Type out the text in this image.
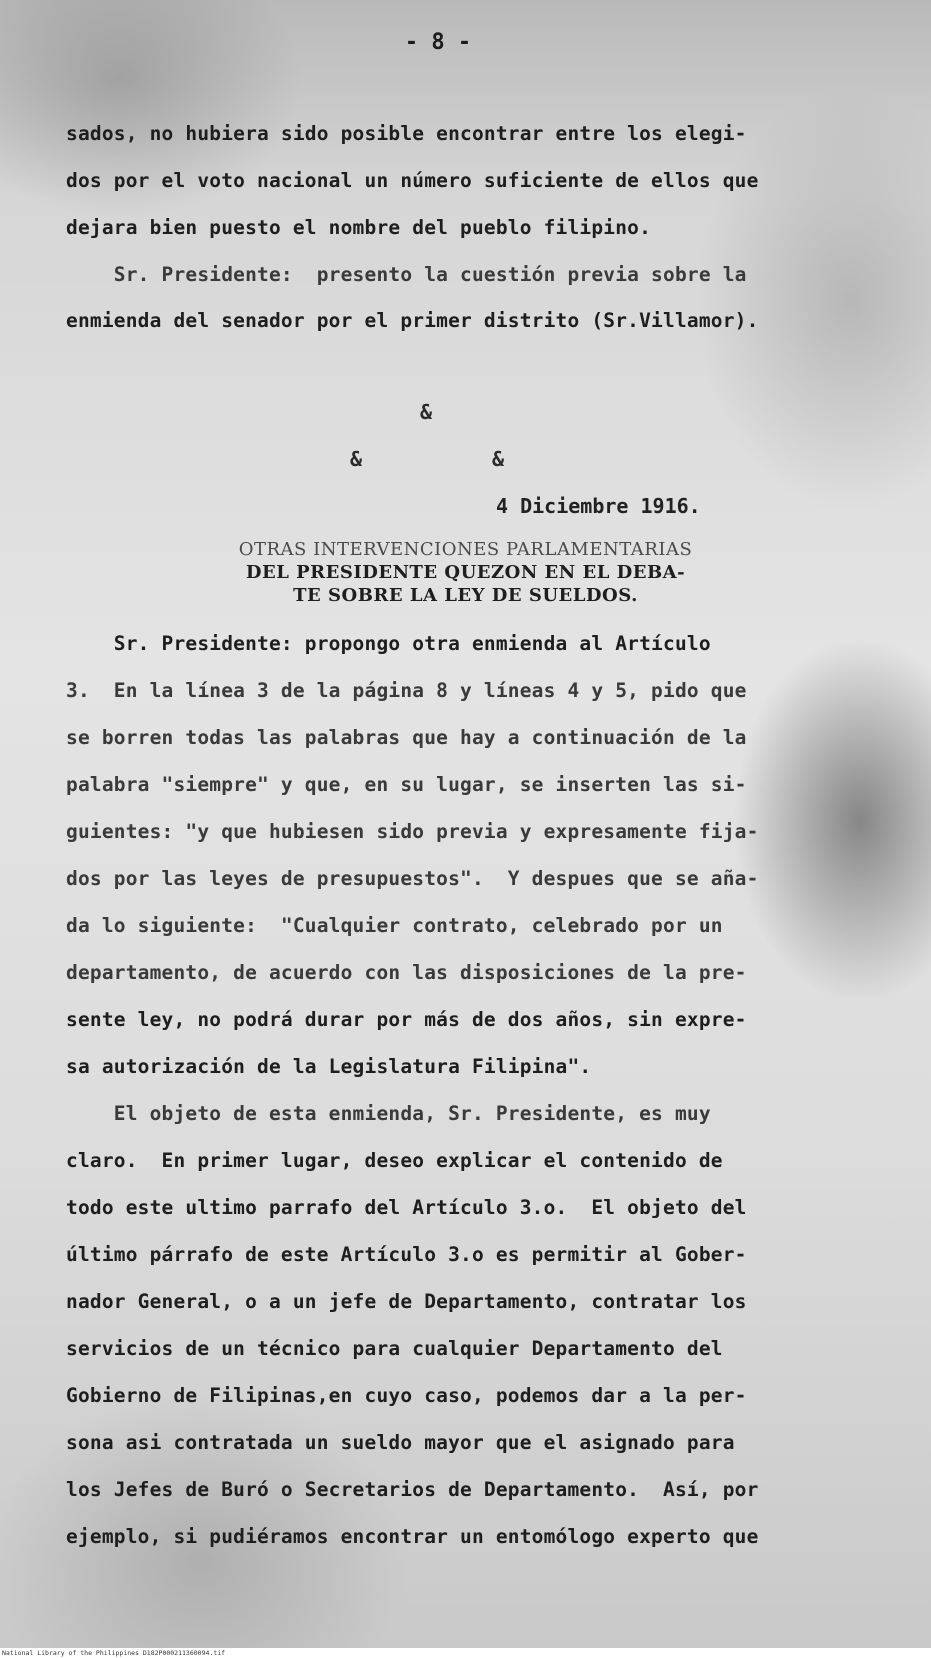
- 8 -
sados, no hubiera sido posible encontrar entre los elegi-
dos por el voto nacional un número suficiente de ellos que
dejara bien puesto el nombre del pueblo filipino.
Sr. Presidente:  presento la cuestión previa sobre la
enmienda del senador por el primer distrito (Sr.Villamor).
&
&	&
4 Diciembre 1916.
OTRAS INTERVENCIONES PARLAMENTARIAS
DEL PRESIDENTE QUEZON EN EL DEBA-
TE SOBRE LA LEY DE SUELDOS.
Sr. Presidente: propongo otra enmienda al Artículo
3.  En la línea 3 de la página 8 y líneas 4 y 5, pido que
se borren todas las palabras que hay a continuación de la
palabra "siempre" y que, en su lugar, se inserten las si-
guientes: "y que hubiesen sido previa y expresamente fija-
dos por las leyes de presupuestos".  Y despues que se aña-
da lo siguiente:  "Cualquier contrato, celebrado por un
departamento, de acuerdo con las disposiciones de la pre-
sente ley, no podrá durar por más de dos años, sin expre-
sa autorización de la Legislatura Filipina".
El objeto de esta enmienda, Sr. Presidente, es muy
claro.  En primer lugar, deseo explicar el contenido de
todo este ultimo parrafo del Artículo 3.o.  El objeto del
último párrafo de este Artículo 3.o es permitir al Gober-
nador General, o a un jefe de Departamento, contratar los
servicios de un técnico para cualquier Departamento del
Gobierno de Filipinas,en cuyo caso, podemos dar a la per-
sona asi contratada un sueldo mayor que el asignado para
los Jefes de Buró o Secretarios de Departamento.  Así, por
ejemplo, si pudiéramos encontrar un entomólogo experto que
National Library of the Philippines D182P000211360094.tif
